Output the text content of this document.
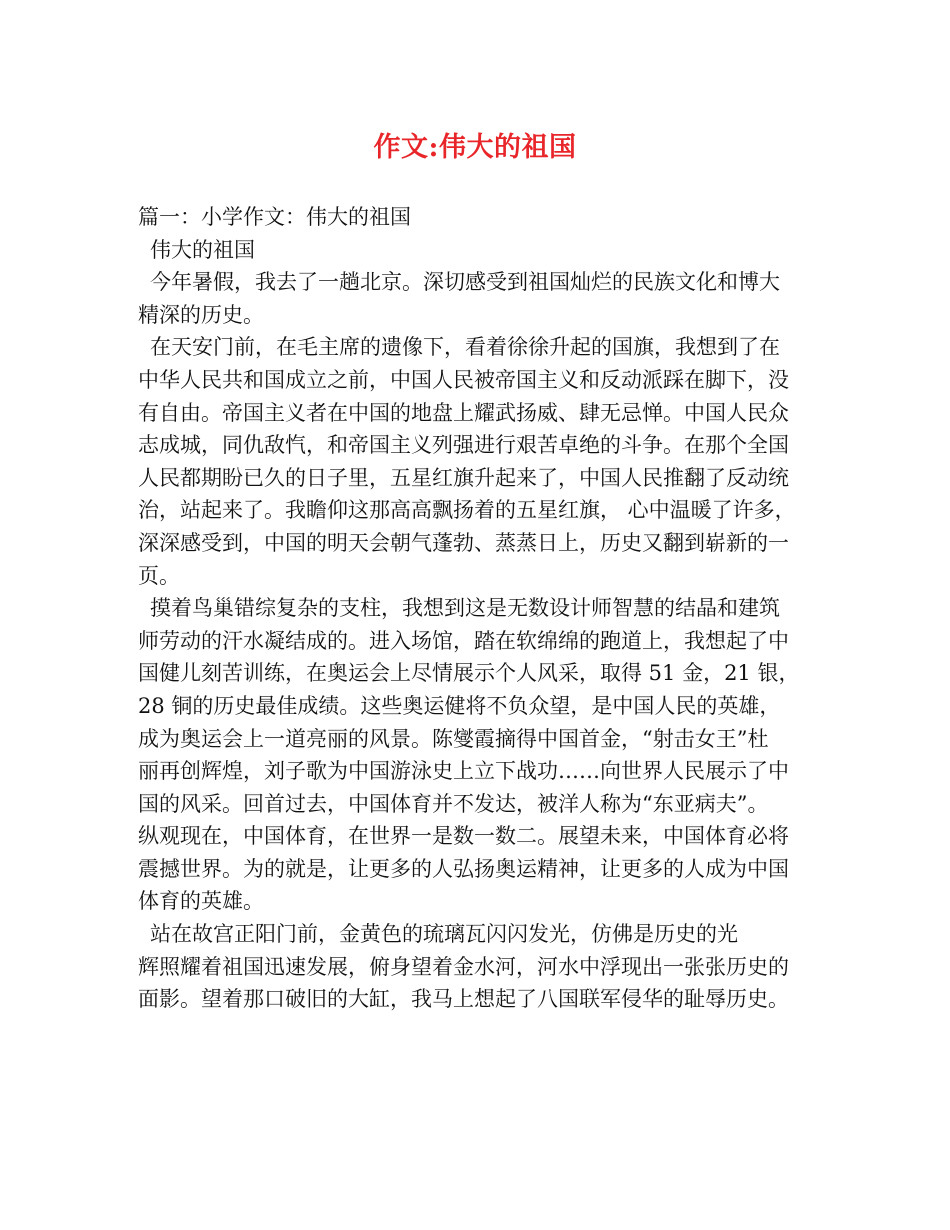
作文:伟大的祖国
篇一：小学作文：伟大的祖国
伟大的祖国
今年暑假，我去了一趟北京。深切感受到祖国灿烂的民族文化和博大
精深的历史。
在天安门前，在毛主席的遗像下，看着徐徐升起的国旗，我想到了在
中华人民共和国成立之前，中国人民被帝国主义和反动派踩在脚下，没
有自由。帝国主义者在中国的地盘上耀武扬威、肆无忌惮。中国人民众
志成城，同仇敌忾，和帝国主义列强进行艰苦卓绝的斗争。在那个全国
人民都期盼已久的日子里，五星红旗升起来了，中国人民推翻了反动统
治，站起来了。我瞻仰这那高高飘扬着的五星红旗， 心中温暖了许多，
深深感受到，中国的明天会朝气蓬勃、蒸蒸日上，历史又翻到崭新的一
页。
摸着鸟巢错综复杂的支柱，我想到这是无数设计师智慧的结晶和建筑
师劳动的汗水凝结成的。进入场馆，踏在软绵绵的跑道上，我想起了中
国健儿刻苦训练，在奥运会上尽情展示个人风采，取得 51 金，21 银，
28 铜的历史最佳成绩。这些奥运健将不负众望，是中国人民的英雄，
成为奥运会上一道亮丽的风景。陈燮霞摘得中国首金，“射击女王”杜
丽再创辉煌，刘子歌为中国游泳史上立下战功……向世界人民展示了中
国的风采。回首过去，中国体育并不发达，被洋人称为“东亚病夫”。
纵观现在，中国体育，在世界一是数一数二。展望未来，中国体育必将
震撼世界。为的就是，让更多的人弘扬奥运精神，让更多的人成为中国
体育的英雄。
站在故宫正阳门前，金黄色的琉璃瓦闪闪发光，仿佛是历史的光
辉照耀着祖国迅速发展，俯身望着金水河，河水中浮现出一张张历史的
面影。望着那口破旧的大缸，我马上想起了八国联军侵华的耻辱历史。
